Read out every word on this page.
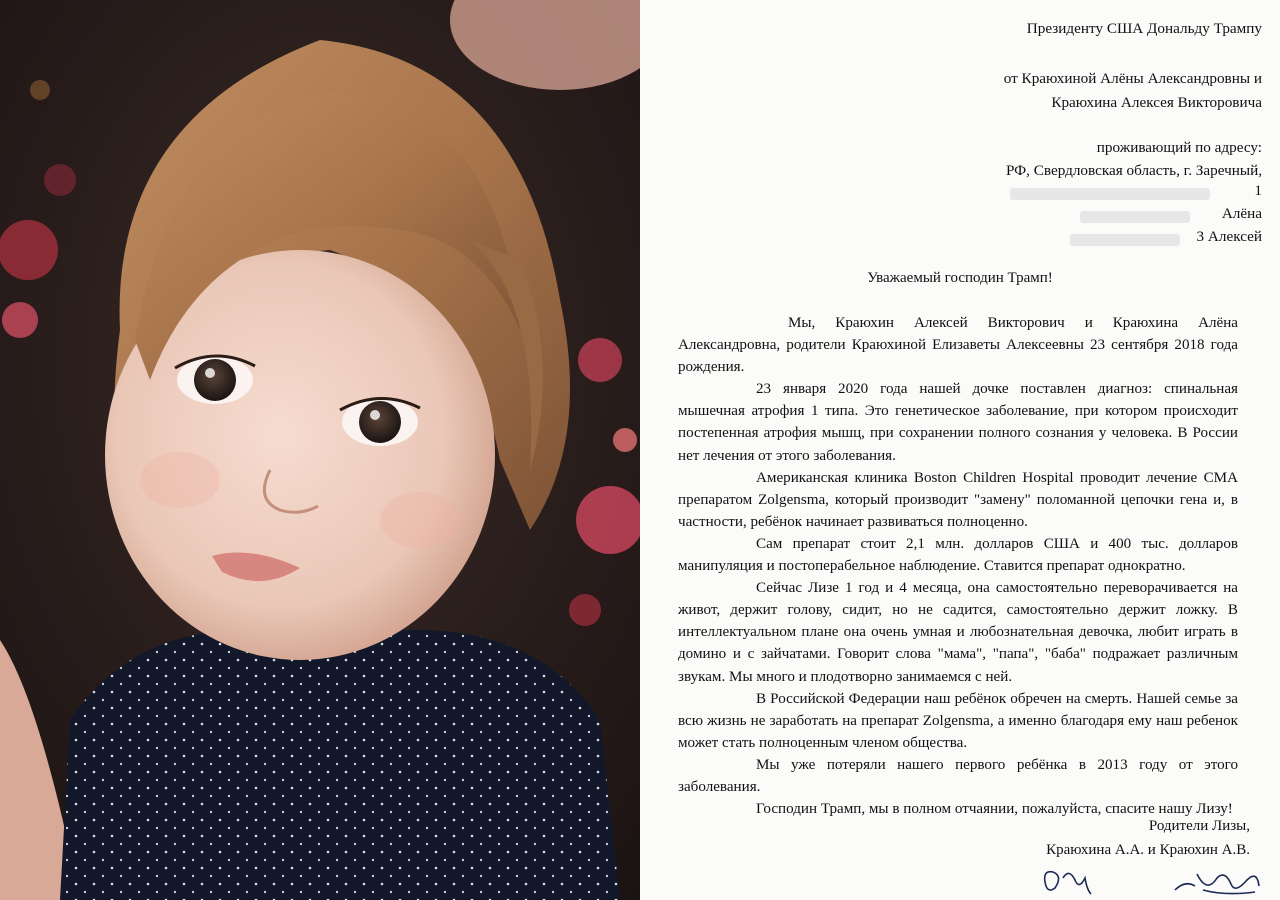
Президенту США Дональду Трампу
от Краюхиной Алёны Александровны и
Краюхина Алексея Викторовича
проживающий по адресу:
РФ, Свердловская область, г. Заречный,
1
Алёна
3 Алексей
Уважаемый господин Трамп!

Мы, Краюхин Алексей Викторович и Краюхина Алёна Александровна, родители Краюхиной Елизаветы Алексеевны 23 сентября 2018 года рождения.

23 января 2020 года нашей дочке поставлен диагноз: спинальная мышечная атрофия 1 типа. Это генетическое заболевание, при котором происходит постепенная атрофия мышц, при сохранении полного сознания у человека. В России нет лечения от этого заболевания.

Американская клиника Boston Children Hospital проводит лечение СМА препаратом Zolgensma, который производит "замену" поломанной цепочки гена и, в частности, ребёнок начинает развиваться полноценно.

Сам препарат стоит 2,1 млн. долларов США и 400 тыс. долларов манипуляция и постоперабельное наблюдение. Ставится препарат однократно.

Сейчас Лизе 1 год и 4 месяца, она самостоятельно переворачивается на живот, держит голову, сидит, но не садится, самостоятельно держит ложку. В интеллектуальном плане она очень умная и любознательная девочка, любит играть в домино и с зайчатами. Говорит слова "мама", "папа", "баба" подражает различным звукам. Мы много и плодотворно занимаемся с ней.

В Российской Федерации наш ребёнок обречен на смерть. Нашей семье за всю жизнь не заработать на препарат Zolgensma, а именно благодаря ему наш ребенок может стать полноценным членом общества.

Мы уже потеряли нашего первого ребёнка в 2013 году от этого заболевания.

Господин Трамп, мы в полном отчаянии, пожалуйста, спасите нашу Лизу!

Родители Лизы,
Краюхина А.А. и Краюхин А.В.
